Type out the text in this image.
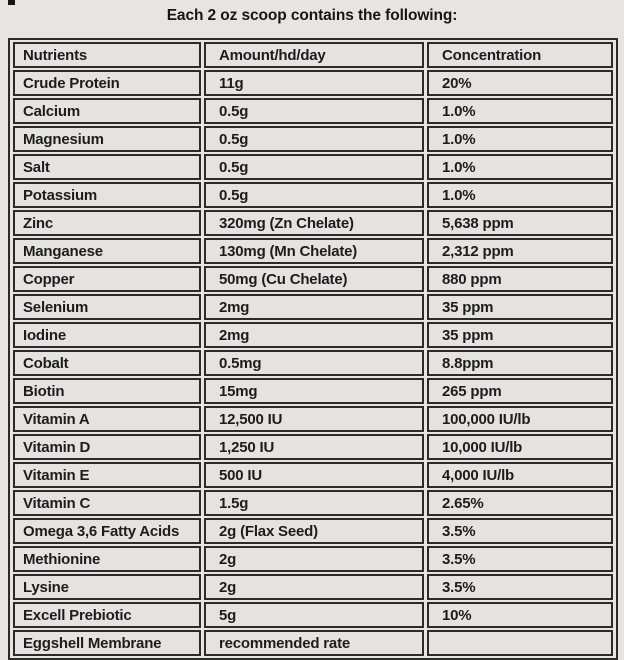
Each 2 oz scoop contains the following:
Nutrients	Amount/hd/day	Concentration
Crude Protein	11g	20%
Calcium	0.5g	1.0%
Magnesium	0.5g	1.0%
Salt	0.5g	1.0%
Potassium	0.5g	1.0%
Zinc	320mg (Zn Chelate)	5,638 ppm
Manganese	130mg (Mn Chelate)	2,312 ppm
Copper	50mg (Cu Chelate)	880 ppm
Selenium	2mg	35 ppm
Iodine	2mg	35 ppm
Cobalt	0.5mg	8.8ppm
Biotin	15mg	265 ppm
Vitamin A	12,500 IU	100,000 IU/lb
Vitamin D	1,250 IU	10,000 IU/lb
Vitamin E	500 IU	4,000 IU/lb
Vitamin C	1.5g	2.65%
Omega 3,6 Fatty Acids	2g (Flax Seed)	3.5%
Methionine	2g	3.5%
Lysine	2g	3.5%
Excell Prebiotic	5g	10%
Eggshell Membrane	recommended rate	
